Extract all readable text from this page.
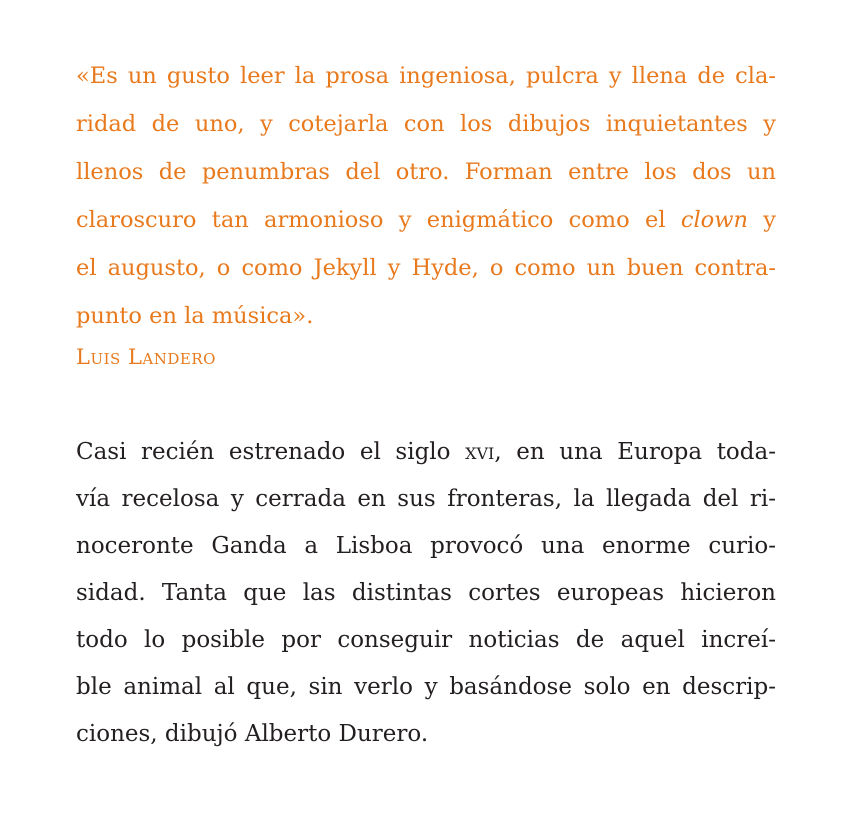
«Es un gusto leer la prosa ingeniosa, pulcra y llena de cla-
ridad de uno, y cotejarla con los dibujos inquietantes y
llenos de penumbras del otro. Forman entre los dos un
claroscuro tan armonioso y enigmático como el clown y
el augusto, o como Jekyll y Hyde, o como un buen contra-
punto en la música».
Luis Landero
Casi recién estrenado el siglo xvi, en una Europa toda-
vía recelosa y cerrada en sus fronteras, la llegada del ri-
noceronte Ganda a Lisboa provocó una enorme curio-
sidad. Tanta que las distintas cortes europeas hicieron
todo lo posible por conseguir noticias de aquel increí-
ble animal al que, sin verlo y basándose solo en descrip-
ciones, dibujó Alberto Durero.
